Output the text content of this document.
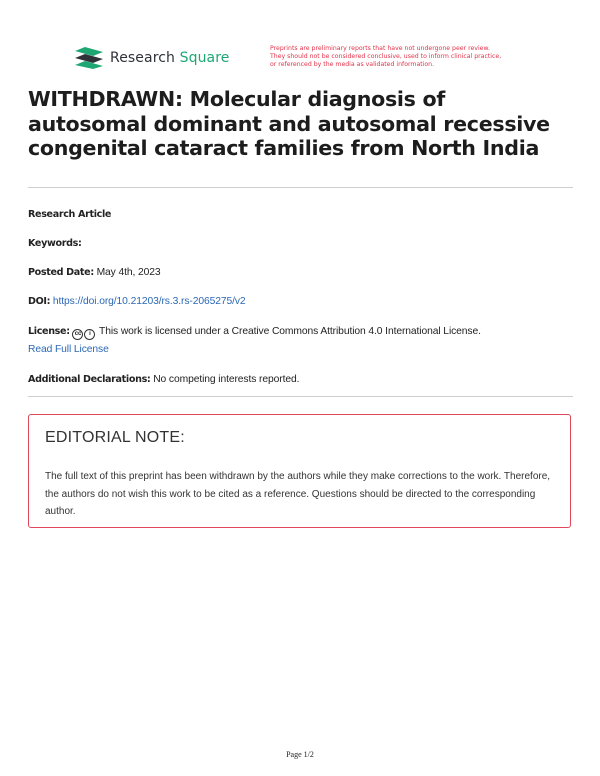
Research Square
Preprints are preliminary reports that have not undergone peer review.
They should not be considered conclusive, used to inform clinical practice,
or referenced by the media as validated information.
WITHDRAWN: Molecular diagnosis of autosomal dominant and autosomal recessive congenital cataract families from North India
Research Article
Keywords:
Posted Date: May 4th, 2023
DOI: https://doi.org/10.21203/rs.3.rs-2065275/v2
License: cc i This work is licensed under a Creative Commons Attribution 4.0 International License.
Read Full License
Additional Declarations: No competing interests reported.
EDITORIAL NOTE:
The full text of this preprint has been withdrawn by the authors while they make corrections to the work. Therefore, the authors do not wish this work to be cited as a reference. Questions should be directed to the corresponding author.
Page 1/2
